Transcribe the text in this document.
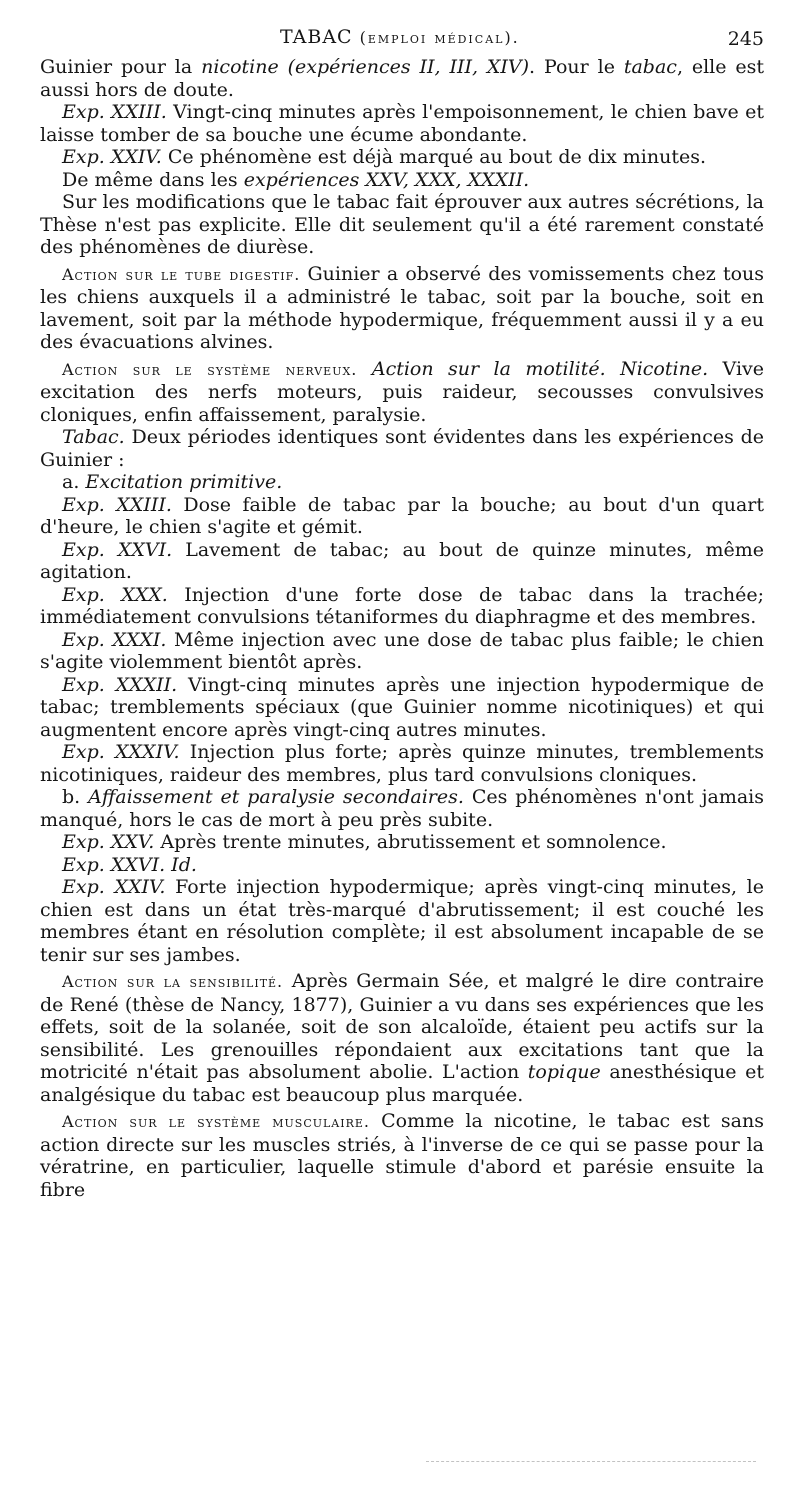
TABAC (emploi médical).	245

Guinier pour la nicotine (expériences II, III, XIV). Pour le tabac, elle est aussi hors de doute.

Exp. XXIII. Vingt-cinq minutes après l'empoisonnement, le chien bave et laisse tomber de sa bouche une écume abondante.

Exp. XXIV. Ce phénomène est déjà marqué au bout de dix minutes.

De même dans les expériences XXV, XXX, XXXII.

Sur les modifications que le tabac fait éprouver aux autres sécrétions, la Thèse n'est pas explicite. Elle dit seulement qu'il a été rarement constaté des phénomènes de diurèse.

Action sur le tube digestif. Guinier a observé des vomissements chez tous les chiens auxquels il a administré le tabac, soit par la bouche, soit en lavement, soit par la méthode hypodermique, fréquemment aussi il y a eu des évacuations alvines.

Action sur le système nerveux. Action sur la motilité. Nicotine. Vive excitation des nerfs moteurs, puis raideur, secousses convulsives cloniques, enfin affaissement, paralysie.

Tabac. Deux périodes identiques sont évidentes dans les expériences de Guinier :

a. Excitation primitive.

Exp. XXIII. Dose faible de tabac par la bouche; au bout d'un quart d'heure, le chien s'agite et gémit.

Exp. XXVI. Lavement de tabac; au bout de quinze minutes, même agitation.

Exp. XXX. Injection d'une forte dose de tabac dans la trachée; immédiatement convulsions tétaniformes du diaphragme et des membres.

Exp. XXXI. Même injection avec une dose de tabac plus faible; le chien s'agite violemment bientôt après.

Exp. XXXII. Vingt-cinq minutes après une injection hypodermique de tabac; tremblements spéciaux (que Guinier nomme nicotiniques) et qui augmentent encore après vingt-cinq autres minutes.

Exp. XXXIV. Injection plus forte; après quinze minutes, tremblements nicotiniques, raideur des membres, plus tard convulsions cloniques.

b. Affaissement et paralysie secondaires. Ces phénomènes n'ont jamais manqué, hors le cas de mort à peu près subite.

Exp. XXV. Après trente minutes, abrutissement et somnolence.

Exp. XXVI. Id.

Exp. XXIV. Forte injection hypodermique; après vingt-cinq minutes, le chien est dans un état très-marqué d'abrutissement; il est couché les membres étant en résolution complète; il est absolument incapable de se tenir sur ses jambes.

Action sur la sensibilité. Après Germain Sée, et malgré le dire contraire de René (thèse de Nancy, 1877), Guinier a vu dans ses expériences que les effets, soit de la solanée, soit de son alcaloïde, étaient peu actifs sur la sensibilité. Les grenouilles répondaient aux excitations tant que la motricité n'était pas absolument abolie. L'action topique anesthésique et analgésique du tabac est beaucoup plus marquée.

Action sur le système musculaire. Comme la nicotine, le tabac est sans action directe sur les muscles striés, à l'inverse de ce qui se passe pour la vératrine, en particulier, laquelle stimule d'abord et parésie ensuite la fibre
